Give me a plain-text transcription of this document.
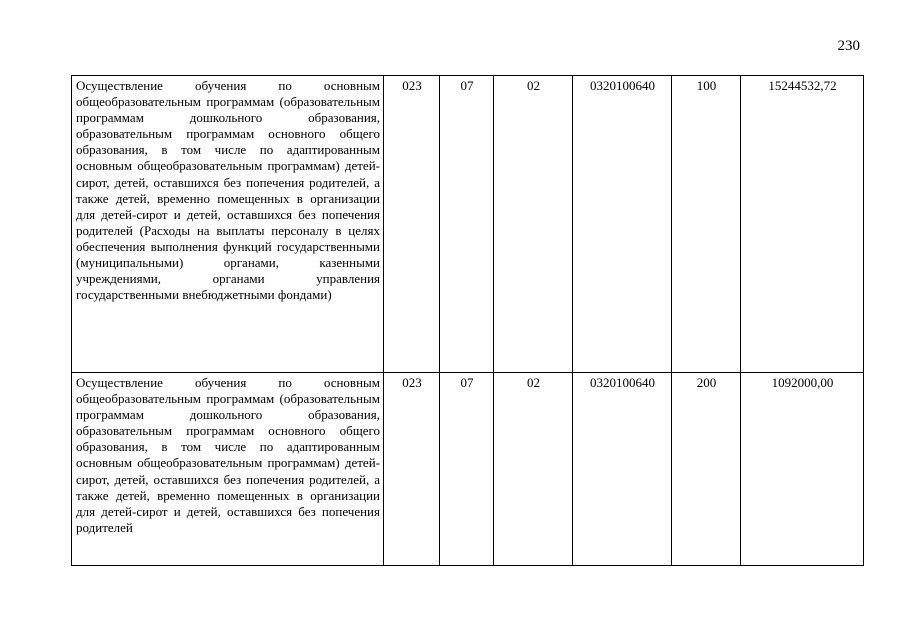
230
Осуществление обучения по основным общеобразовательным программам (образовательным программам дошкольного образования, образовательным программам основного общего образования, в том числе по адаптированным основным общеобразовательным программам) детей-сирот, детей, оставшихся без попечения родителей, а также детей, временно помещенных в организации для детей-сирот и детей, оставшихся без попечения родителей (Расходы на выплаты персоналу в целях обеспечения выполнения функций государственными (муниципальными) органами, казенными учреждениями, органами управления государственными внебюджетными фондами)	023	07	02	0320100640	100	15244532,72
Осуществление обучения по основным общеобразовательным программам (образовательным программам дошкольного образования, образовательным программам основного общего образования, в том числе по адаптированным основным общеобразовательным программам) детей-сирот, детей, оставшихся без попечения родителей, а также детей, временно помещенных в организации для детей-сирот и детей, оставшихся без попечения родителей	023	07	02	0320100640	200	1092000,00
